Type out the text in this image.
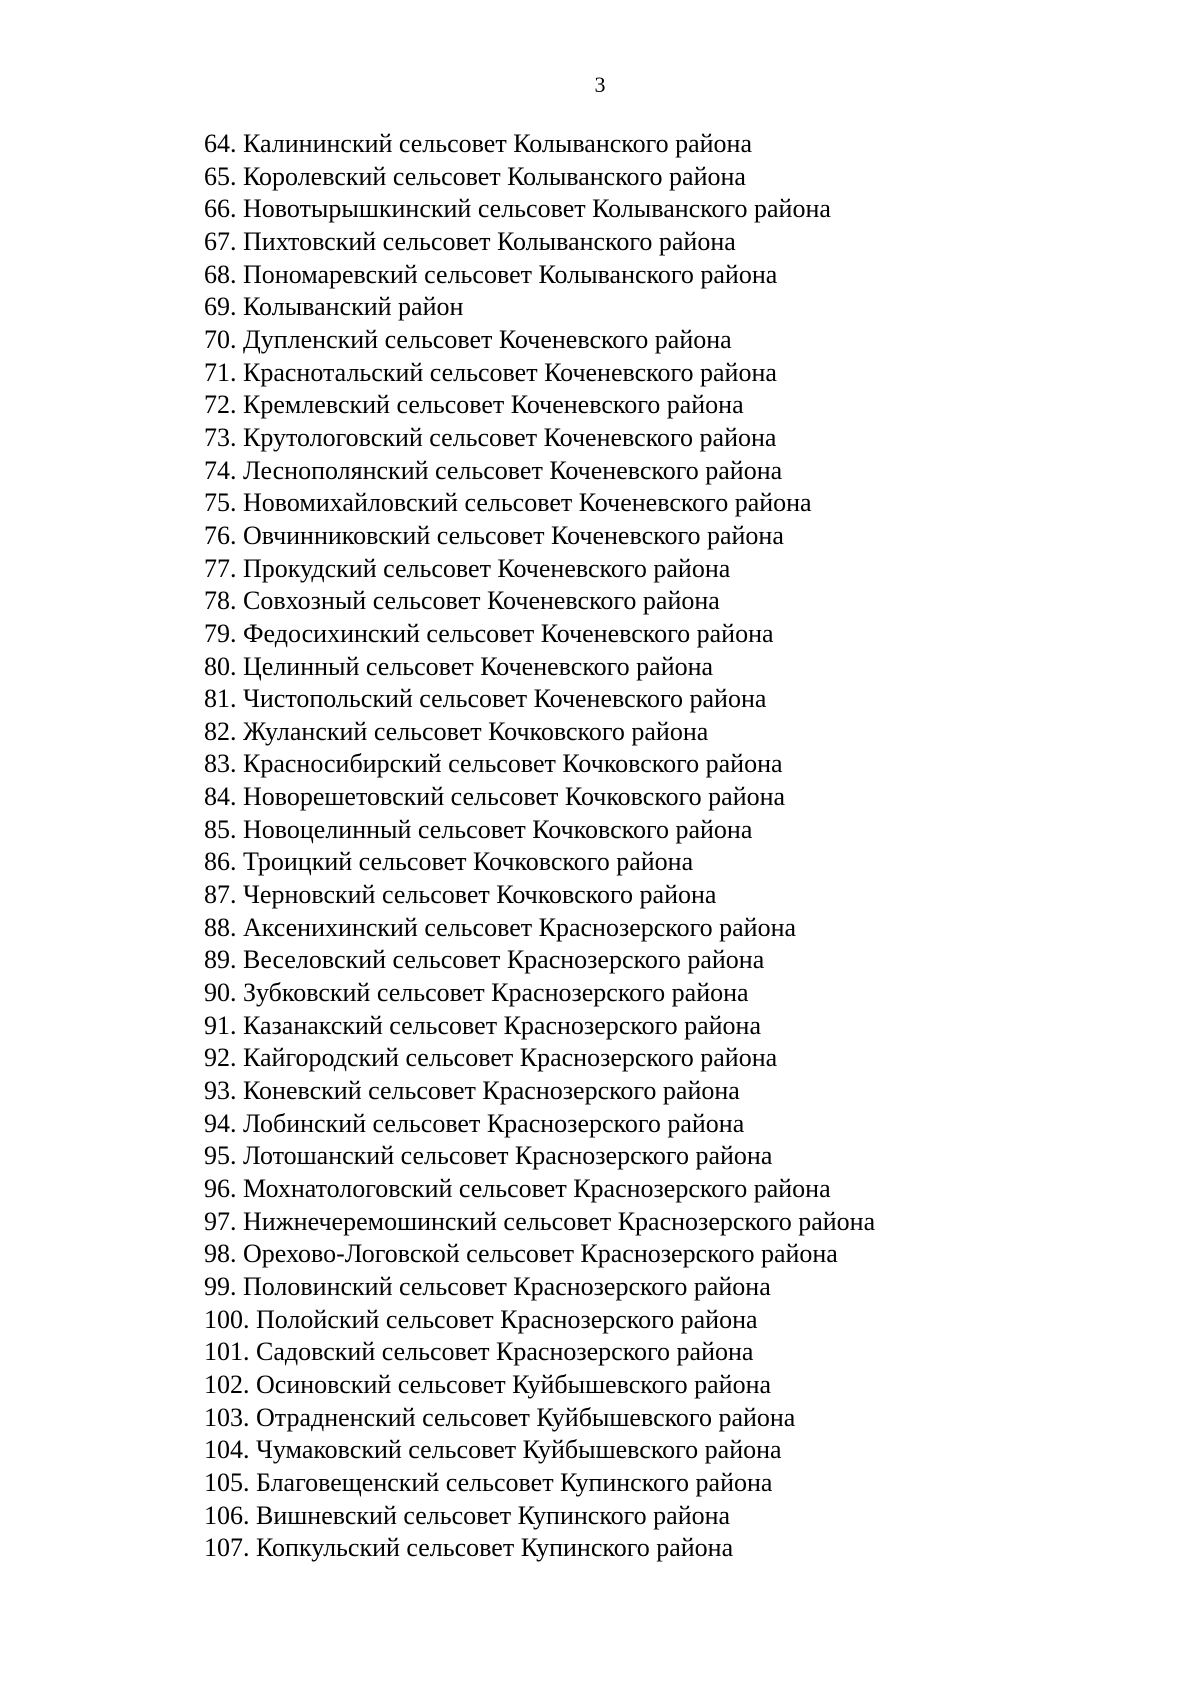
3
64. Калининский сельсовет Колыванского района
65. Королевский сельсовет Колыванского района
66. Новотырышкинский сельсовет Колыванского района
67. Пихтовский сельсовет Колыванского района
68. Пономаревский сельсовет Колыванского района
69. Колыванский район
70. Дупленский сельсовет Коченевского района
71. Краснотальский сельсовет Коченевского района
72. Кремлевский сельсовет Коченевского района
73. Крутологовский сельсовет Коченевского района
74. Леснополянский сельсовет Коченевского района
75. Новомихайловский сельсовет Коченевского района
76. Овчинниковский сельсовет Коченевского района
77. Прокудский сельсовет Коченевского района
78. Совхозный сельсовет Коченевского района
79. Федосихинский сельсовет Коченевского района
80. Целинный сельсовет Коченевского района
81. Чистопольский сельсовет Коченевского района
82. Жуланский сельсовет Кочковского района
83. Красносибирский сельсовет Кочковского района
84. Новорешетовский сельсовет Кочковского района
85. Новоцелинный сельсовет Кочковского района
86. Троицкий сельсовет Кочковского района
87. Черновский сельсовет Кочковского района
88. Аксенихинский сельсовет Краснозерского района
89. Веселовский сельсовет Краснозерского района
90. Зубковский сельсовет Краснозерского района
91. Казанакский сельсовет Краснозерского района
92. Кайгородский сельсовет Краснозерского района
93. Коневский сельсовет Краснозерского района
94. Лобинский сельсовет Краснозерского района
95. Лотошанский сельсовет Краснозерского района
96. Мохнатологовский сельсовет Краснозерского района
97. Нижнечеремошинский сельсовет Краснозерского района
98. Орехово-Логовской сельсовет Краснозерского района
99. Половинский сельсовет Краснозерского района
100. Полойский сельсовет Краснозерского района
101. Садовский сельсовет Краснозерского района
102. Осиновский сельсовет Куйбышевского района
103. Отрадненский сельсовет Куйбышевского района
104. Чумаковский сельсовет Куйбышевского района
105. Благовещенский сельсовет Купинского района
106. Вишневский сельсовет Купинского района
107. Копкульский сельсовет Купинского района
